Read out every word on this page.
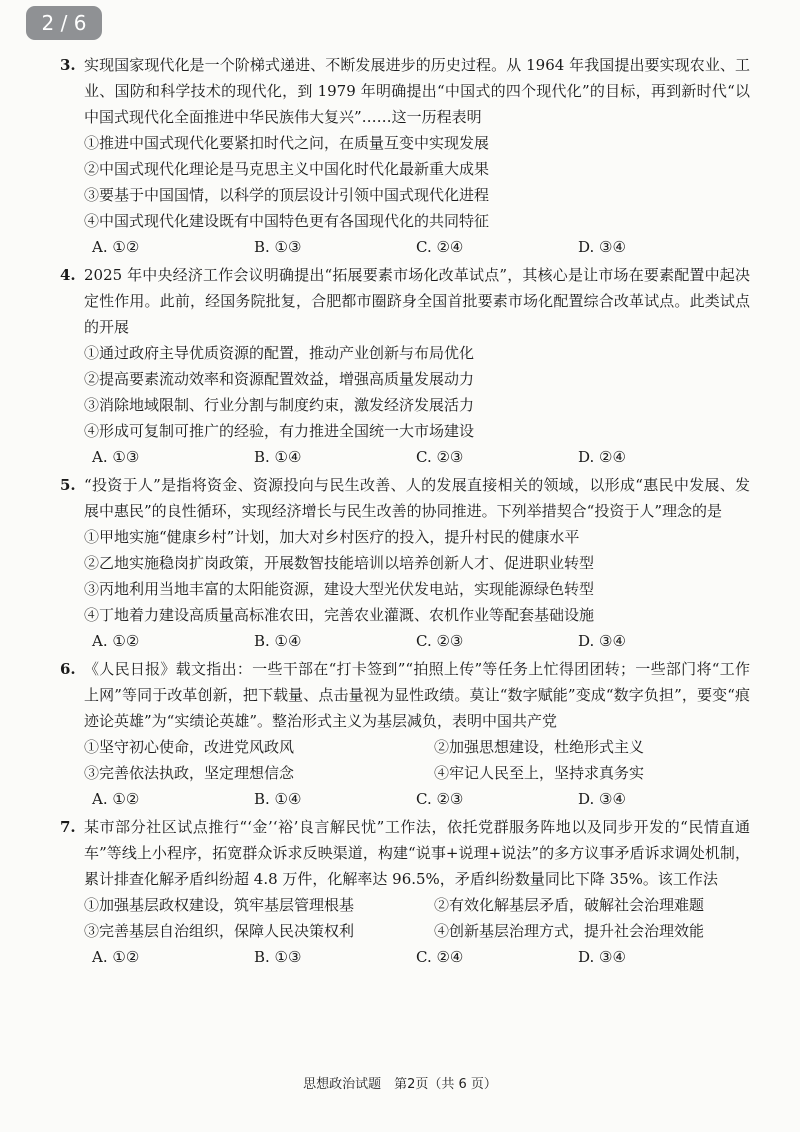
2 / 6
3. 实现国家现代化是一个阶梯式递进、不断发展进步的历史过程。从 1964 年我国提出要实现农业、工业、国防和科学技术的现代化，到 1979 年明确提出“中国式的四个现代化”的目标，再到新时代“以中国式现代化全面推进中华民族伟大复兴”……这一历程表明
①推进中国式现代化要紧扣时代之问，在质量互变中实现发展
②中国式现代化理论是马克思主义中国化时代化最新重大成果
③要基于中国国情，以科学的顶层设计引领中国式现代化进程
④中国式现代化建设既有中国特色更有各国现代化的共同特征
A. ①②	B. ①③	C. ②④	D. ③④
4. 2025 年中央经济工作会议明确提出“拓展要素市场化改革试点”，其核心是让市场在要素配置中起决定性作用。此前，经国务院批复，合肥都市圈跻身全国首批要素市场化配置综合改革试点。此类试点的开展
①通过政府主导优质资源的配置，推动产业创新与布局优化
②提高要素流动效率和资源配置效益，增强高质量发展动力
③消除地域限制、行业分割与制度约束，激发经济发展活力
④形成可复制可推广的经验，有力推进全国统一大市场建设
A. ①③	B. ①④	C. ②③	D. ②④
5. “投资于人”是指将资金、资源投向与民生改善、人的发展直接相关的领域，以形成“惠民中发展、发展中惠民”的良性循环，实现经济增长与民生改善的协同推进。下列举措契合“投资于人”理念的是
①甲地实施“健康乡村”计划，加大对乡村医疗的投入，提升村民的健康水平
②乙地实施稳岗扩岗政策，开展数智技能培训以培养创新人才、促进职业转型
③丙地利用当地丰富的太阳能资源，建设大型光伏发电站，实现能源绿色转型
④丁地着力建设高质量高标准农田，完善农业灌溉、农机作业等配套基础设施
A. ①②	B. ①④	C. ②③	D. ③④
6. 《人民日报》载文指出：一些干部在“打卡签到”“拍照上传”等任务上忙得团团转；一些部门将“工作上网”等同于改革创新，把下载量、点击量视为显性政绩。莫让“数字赋能”变成“数字负担”，要变“痕迹论英雄”为“实绩论英雄”。整治形式主义为基层减负，表明中国共产党
①坚守初心使命，改进党风政风	②加强思想建设，杜绝形式主义
③完善依法执政，坚定理想信念	④牢记人民至上，坚持求真务实
A. ①②	B. ①④	C. ②③	D. ③④
7. 某市部分社区试点推行“‘金’‘裕’良言解民忧”工作法，依托党群服务阵地以及同步开发的“民情直通车”等线上小程序，拓宽群众诉求反映渠道，构建“说事+说理+说法”的多方议事矛盾诉求调处机制，累计排查化解矛盾纠纷超 4.8 万件，化解率达 96.5%，矛盾纠纷数量同比下降 35%。该工作法
①加强基层政权建设，筑牢基层管理根基	②有效化解基层矛盾，破解社会治理难题
③完善基层自治组织，保障人民决策权利	④创新基层治理方式，提升社会治理效能
A. ①②	B. ①③	C. ②④	D. ③④
思想政治试题　第2页（共 6 页）
